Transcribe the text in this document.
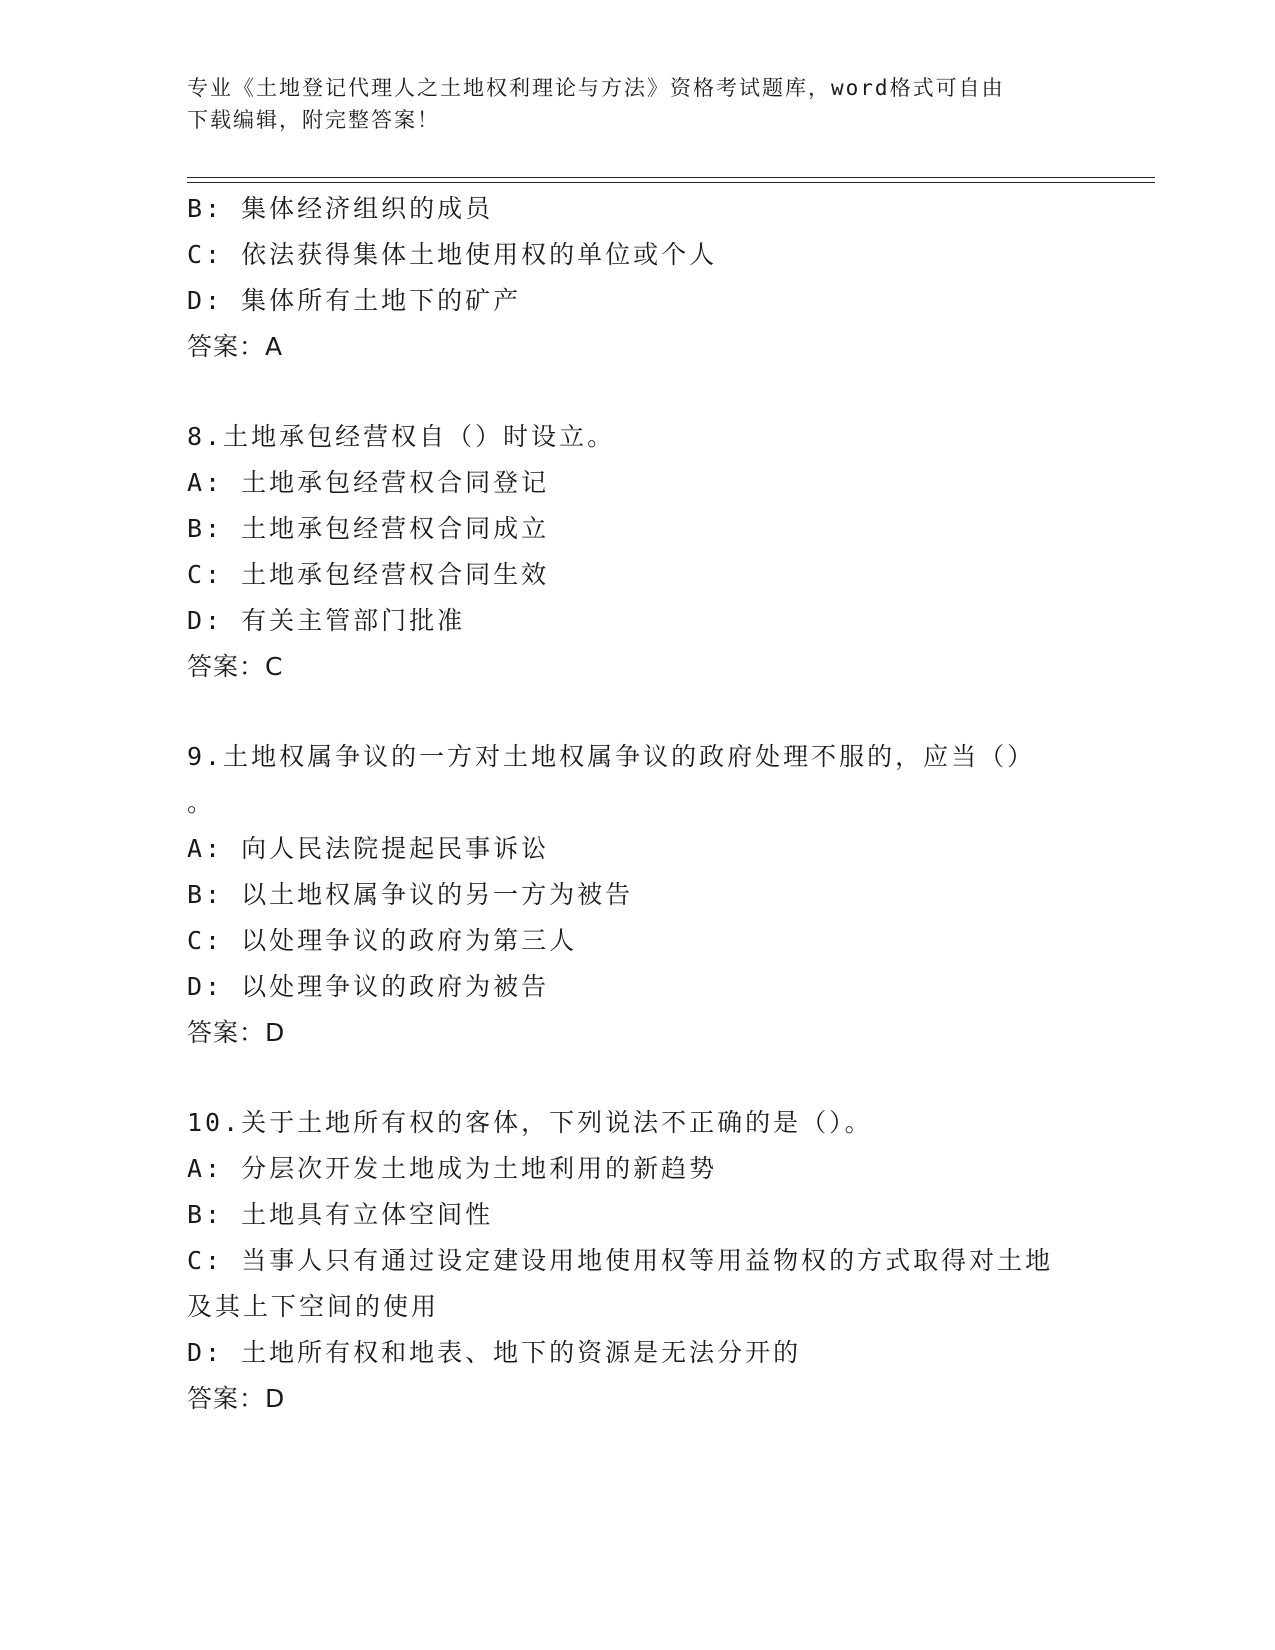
专业《土地登记代理人之土地权利理论与方法》资格考试题库，word格式可自由
下载编辑，附完整答案！
B: 集体经济组织的成员
C: 依法获得集体土地使用权的单位或个人
D: 集体所有土地下的矿产
答案：A
8.土地承包经营权自（）时设立。
A: 土地承包经营权合同登记
B: 土地承包经营权合同成立
C: 土地承包经营权合同生效
D: 有关主管部门批准
答案：C
9.土地权属争议的一方对土地权属争议的政府处理不服的，应当（）
。
A: 向人民法院提起民事诉讼
B: 以土地权属争议的另一方为被告
C: 以处理争议的政府为第三人
D: 以处理争议的政府为被告
答案：D
10.关于土地所有权的客体，下列说法不正确的是（）。
A: 分层次开发土地成为土地利用的新趋势
B: 土地具有立体空间性
C: 当事人只有通过设定建设用地使用权等用益物权的方式取得对土地
及其上下空间的使用
D: 土地所有权和地表、地下的资源是无法分开的
答案：D
